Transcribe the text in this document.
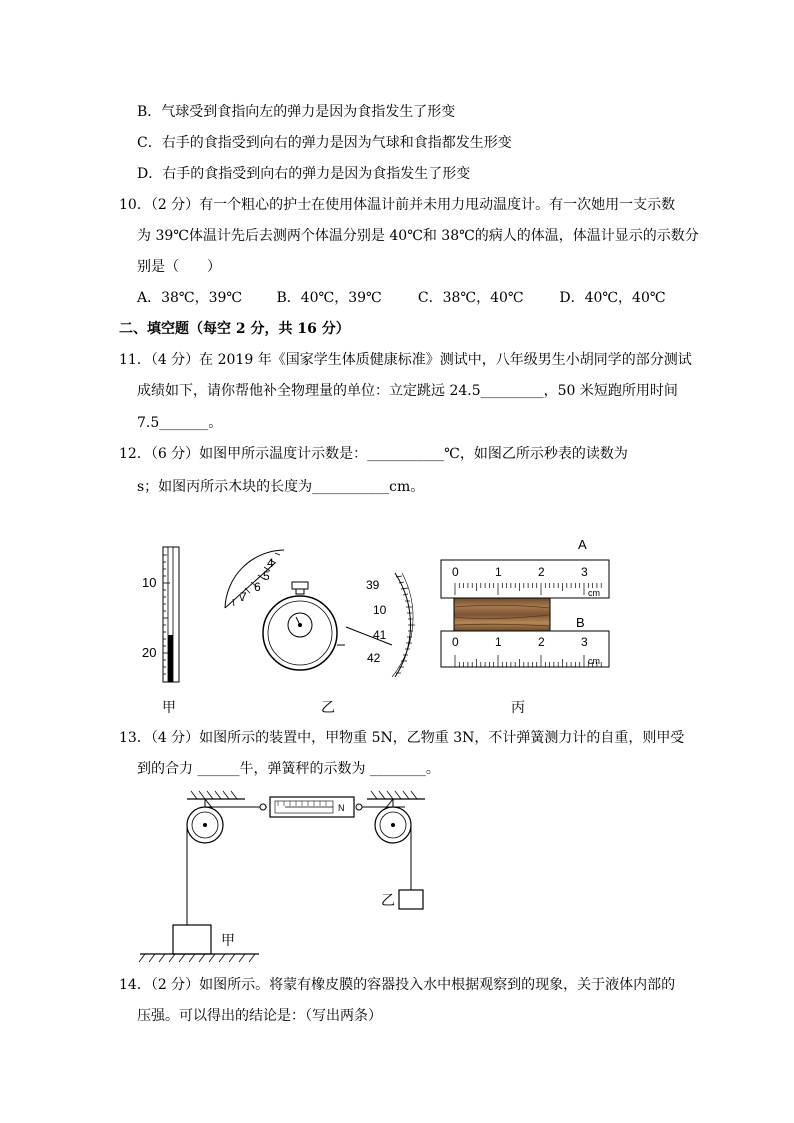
B．气球受到食指向左的弹力是因为食指发生了形变
C．右手的食指受到向右的弹力是因为气球和食指都发生形变
D．右手的食指受到向右的弹力是因为食指发生了形变
10．（2 分）有一个粗心的护士在使用体温计前并未用力甩动温度计。有一次她用一支示数
为 39℃体温计先后去测两个体温分别是 40℃和 38℃的病人的体温，体温计显示的示数分
别是（　　）
A．38℃，39℃ B．40℃，39℃	C．38℃，40℃	D．40℃，40℃
二、填空题（每空 2 分，共 16 分）
11．（4 分）在 2019 年《国家学生体质健康标准》测试中，八年级男生小胡同学的部分测试
成绩如下，请你帮他补全物理量的单位：立定跳远 24.5_________，50 米短跑所用时间
7.5_______。
12．（6 分）如图甲所示温度计示数是：___________℃，如图乙所示秒表的读数为
s；如图丙所示木块的长度为___________cm。
10
20
4
5
6
7
39
10
41
42
A
0	1	2	3
cm
B
0	1	2	3
cm
甲	乙	丙
13．（4 分）如图所示的装置中，甲物重 5N，乙物重 3N，不计弹簧测力计的自重，则甲受
到的合力 ______牛，弹簧秤的示数为 ________。
N
乙
甲
14．（2 分）如图所示。将蒙有橡皮膜的容器投入水中根据观察到的现象，关于液体内部的
压强。可以得出的结论是：（写出两条）
